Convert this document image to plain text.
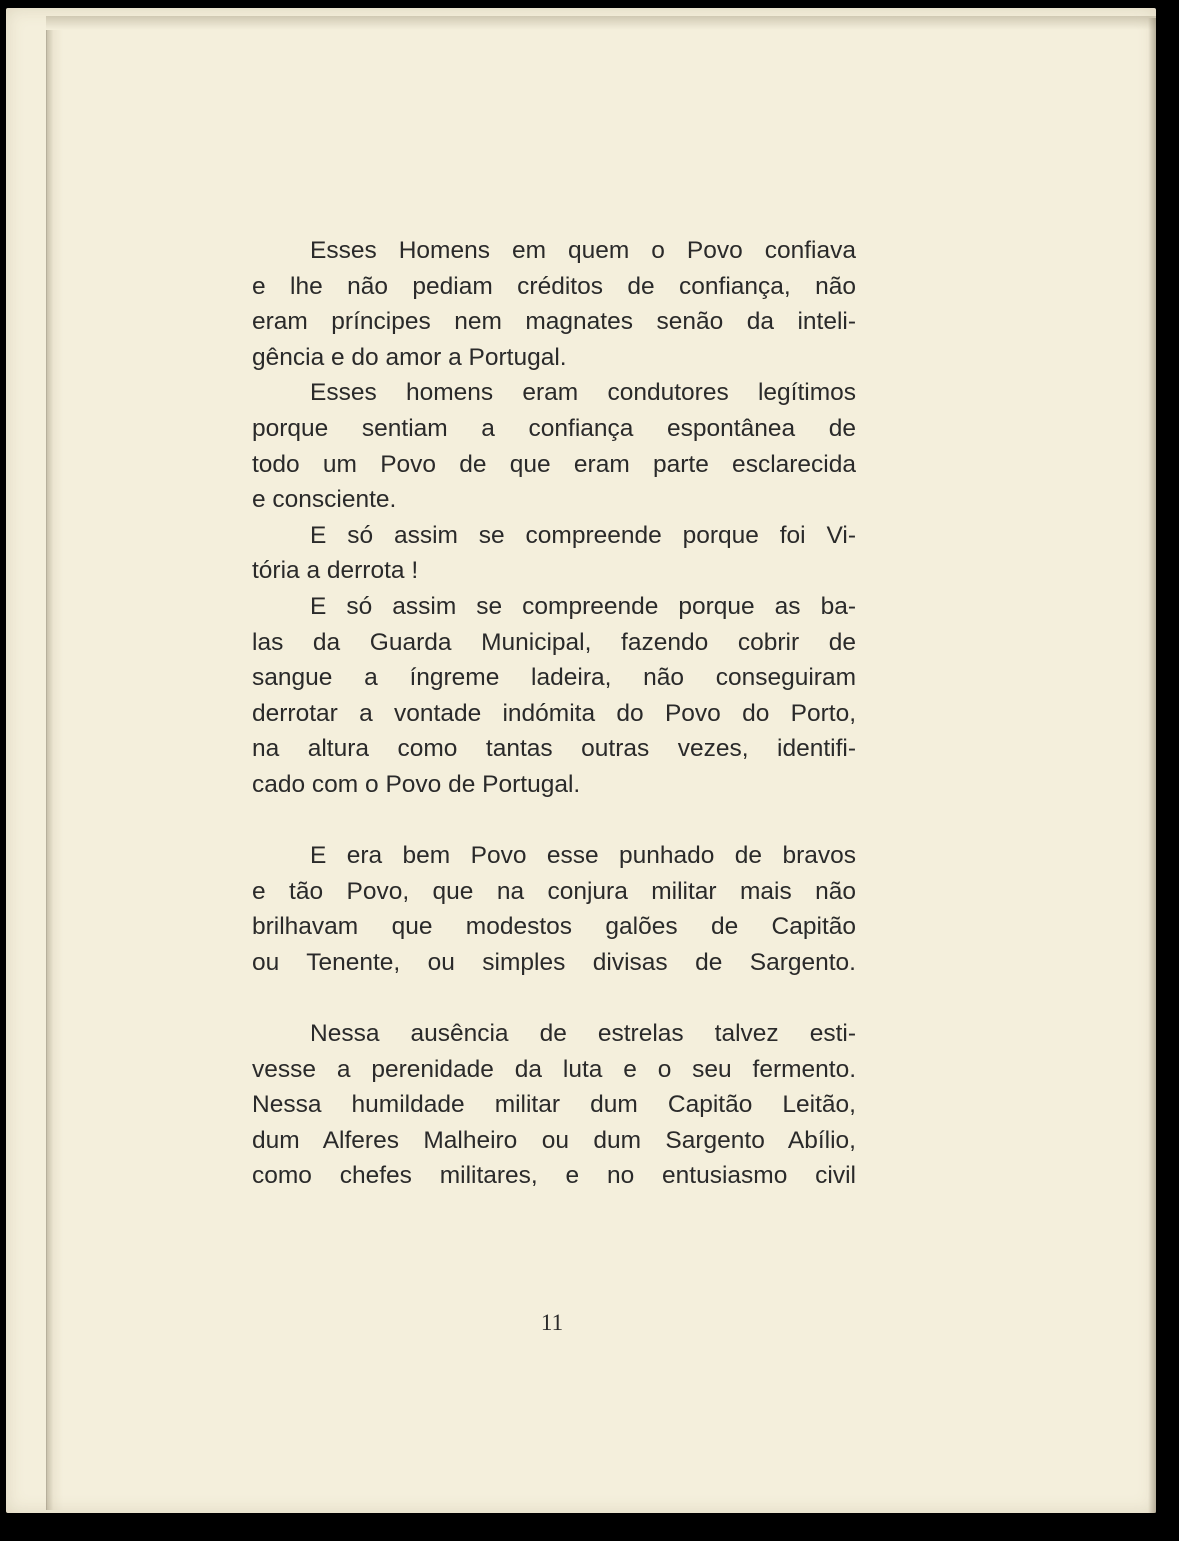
Esses Homens em quem o Povo confiava
e lhe não pediam créditos de confiança, não
eram príncipes nem magnates senão da inteli-
gência e do amor a Portugal.
Esses homens eram condutores legítimos
porque sentiam a confiança espontânea de
todo um Povo de que eram parte esclarecida
e consciente.
E só assim se compreende porque foi Vi-
tória a derrota !
E só assim se compreende porque as ba-
las da Guarda Municipal, fazendo cobrir de
sangue a íngreme ladeira, não conseguiram
derrotar a vontade indómita do Povo do Porto,
na altura como tantas outras vezes, identifi-
cado com o Povo de Portugal.
E era bem Povo esse punhado de bravos
e tão Povo, que na conjura militar mais não
brilhavam que modestos galões de Capitão
ou Tenente, ou simples divisas de Sargento.
Nessa ausência de estrelas talvez esti-
vesse a perenidade da luta e o seu fermento.
Nessa humildade militar dum Capitão Leitão,
dum Alferes Malheiro ou dum Sargento Abílio,
como chefes militares, e no entusiasmo civil
11
